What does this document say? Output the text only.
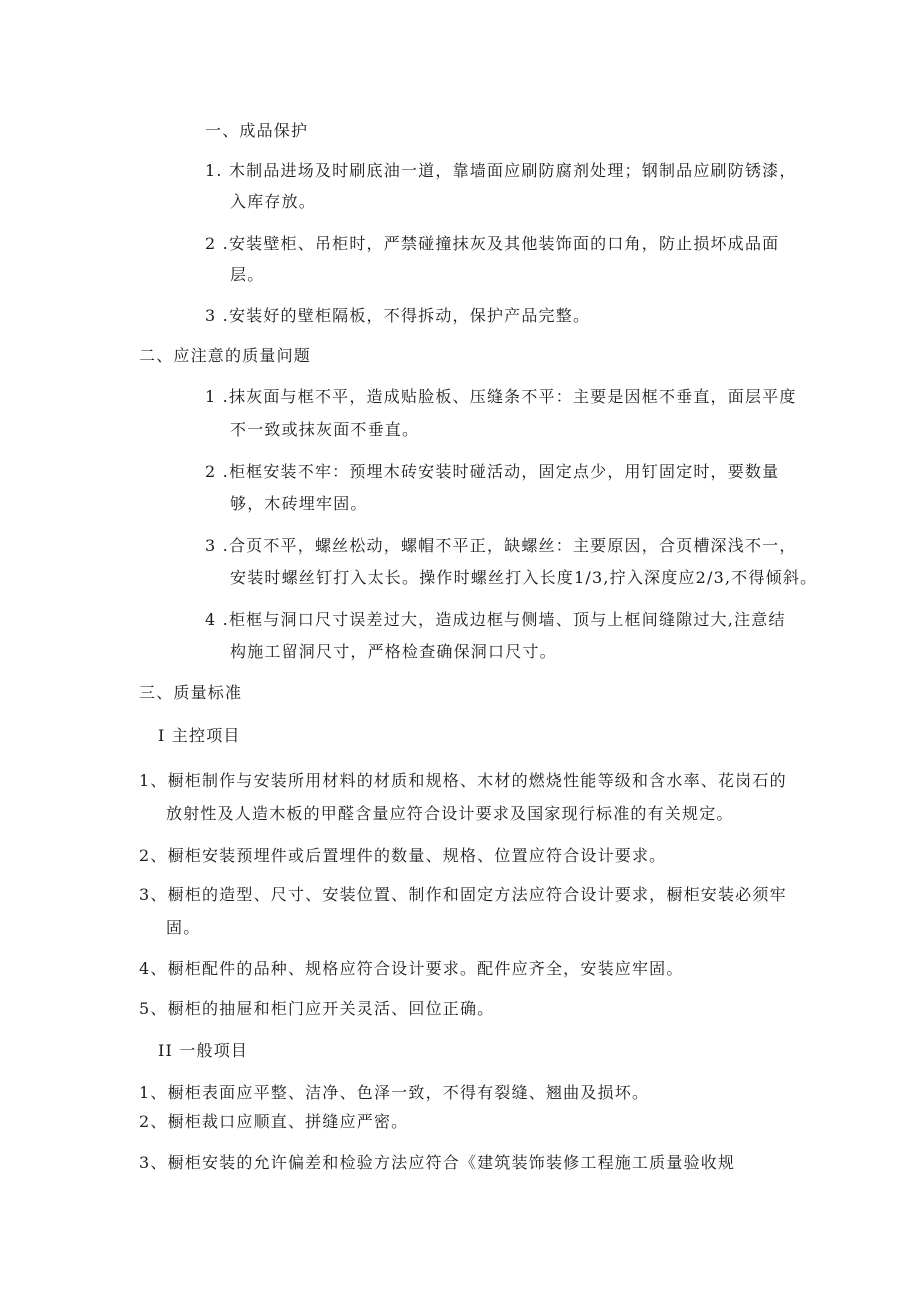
一、成品保护
1. 木制品进场及时刷底油一道，靠墙面应刷防腐剂处理；钢制品应刷防锈漆，
入库存放。
2 .安装壁柜、吊柜时，严禁碰撞抹灰及其他装饰面的口角，防止损坏成品面
层。
3 .安装好的壁柜隔板，不得拆动，保护产品完整。
二、应注意的质量问题
1 .抹灰面与框不平，造成贴脸板、压缝条不平：主要是因框不垂直，面层平度
不一致或抹灰面不垂直。
2 .柜框安装不牢：预埋木砖安装时碰活动，固定点少，用钉固定时，要数量
够，木砖埋牢固。
3 .合页不平，螺丝松动，螺帽不平正，缺螺丝：主要原因，合页槽深浅不一，
安装时螺丝钉打入太长。操作时螺丝打入长度1/3,拧入深度应2/3,不得倾斜。
4 .柜框与洞口尺寸误差过大，造成边框与侧墙、顶与上框间缝隙过大,注意结
构施工留洞尺寸，严格检查确保洞口尺寸。
三、质量标准
I 主控项目
1、橱柜制作与安装所用材料的材质和规格、木材的燃烧性能等级和含水率、花岗石的
放射性及人造木板的甲醛含量应符合设计要求及国家现行标准的有关规定。
2、橱柜安装预埋件或后置埋件的数量、规格、位置应符合设计要求。
3、橱柜的造型、尺寸、安装位置、制作和固定方法应符合设计要求，橱柜安装必须牢
固。
4、橱柜配件的品种、规格应符合设计要求。配件应齐全，安装应牢固。
5、橱柜的抽屉和柜门应开关灵活、回位正确。
II 一般项目
1、橱柜表面应平整、洁净、色泽一致，不得有裂缝、翘曲及损坏。
2、橱柜裁口应顺直、拼缝应严密。
3、橱柜安装的允许偏差和检验方法应符合《建筑装饰装修工程施工质量验收规
